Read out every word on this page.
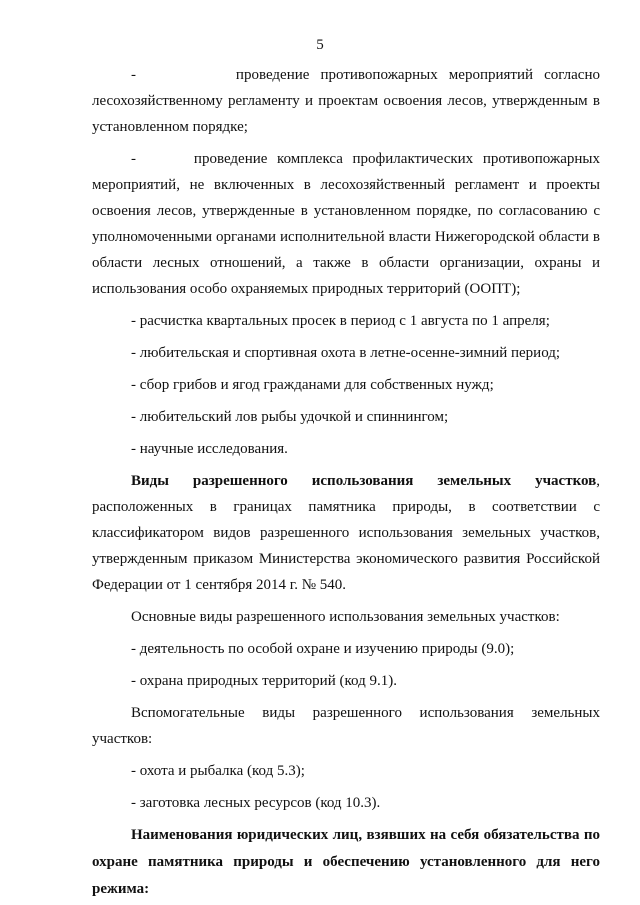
5

-         проведение противопожарных мероприятий согласно лесохозяйственному регламенту и проектам освоения лесов, утвержденным в установленном порядке;

-      проведение комплекса профилактических противопожарных мероприятий, не включенных в лесохозяйственный регламент и проекты освоения лесов, утвержденные в установленном порядке, по согласованию с уполномоченными органами исполнительной власти Нижегородской области в области лесных отношений, а также в области организации, охраны и использования особо охраняемых природных территорий (ООПТ);

- расчистка квартальных просек в период с 1 августа по 1 апреля;

- любительская и спортивная охота в летне-осенне-зимний период;

- сбор грибов и ягод гражданами для собственных нужд;

- любительский лов рыбы удочкой и спиннингом;

- научные исследования.

Виды разрешенного использования земельных участков, расположенных в границах памятника природы, в соответствии с классификатором видов разрешенного использования земельных участков, утвержденным приказом Министерства экономического развития Российской Федерации от 1 сентября 2014 г. № 540.

Основные виды разрешенного использования земельных участков:

- деятельность по особой охране и изучению природы (9.0);

- охрана природных территорий (код 9.1).

Вспомогательные виды разрешенного использования земельных участков:

- охота и рыбалка (код 5.3);

- заготовка лесных ресурсов (код 10.3).

Наименования юридических лиц, взявших на себя обязательства по охране памятника природы и обеспечению установленного для него режима:
